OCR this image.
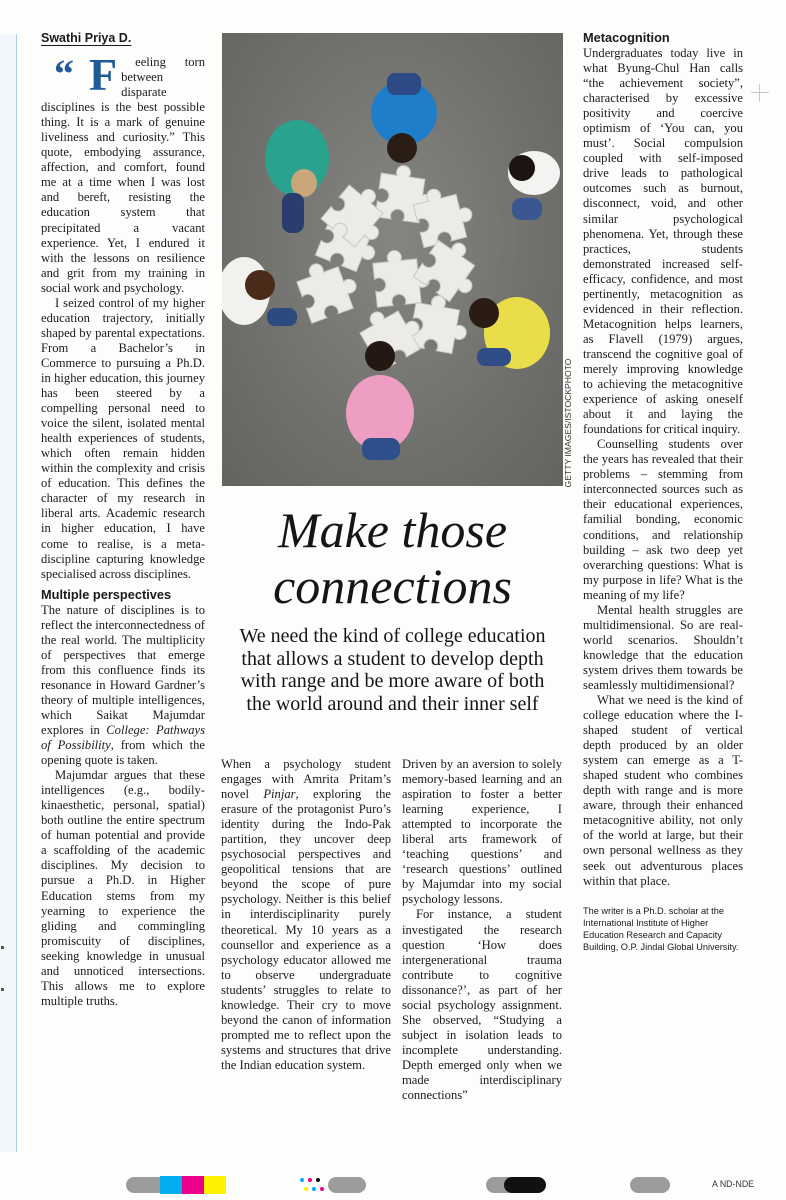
Swathi Priya D.

“ F eeling torn between disparate disciplines is the best possible thing. It is a mark of genuine liveliness and curiosity.” This quote, embodying assurance, affection, and comfort, found me at a time when I was lost and bereft, resisting the education system that precipitated a vacant experience. Yet, I endured it with the lessons on resilience and grit from my training in social work and psychology.

I seized control of my higher education trajectory, initially shaped by parental expectations. From a Bachelor’s in Commerce to pursuing a Ph.D. in higher education, this journey has been steered by a compelling personal need to voice the silent, isolated mental health experiences of students, which often remain hidden within the complexity and crisis of education. This defines the character of my research in liberal arts. Academic research in higher education, I have come to realise, is a meta-discipline capturing knowledge specialised across disciplines.

Multiple perspectives

The nature of disciplines is to reflect the interconnectedness of the real world. The multiplicity of perspectives that emerge from this confluence finds its resonance in Howard Gardner’s theory of multiple intelligences, which Saikat Majumdar explores in College: Pathways of Possibility, from which the opening quote is taken.

Majumdar argues that these intelligences (e.g., bodily-kinaesthetic, personal, spatial) both outline the entire spectrum of human potential and provide a scaffolding of the academic disciplines. My decision to pursue a Ph.D. in Higher Education stems from my yearning to experience the gliding and commingling promiscuity of disciplines, seeking knowledge in unusual and unnoticed intersections. This allows me to explore multiple truths.

GETTY IMAGES/ISTOCKPHOTO
Make those
connections
We need the kind of college education that allows a student to develop depth with range and be more aware of both the world around and their inner self

When a psychology student engages with Amrita Pritam’s novel Pinjar, exploring the erasure of the protagonist Puro’s identity during the Indo-Pak partition, they uncover deep psychosocial perspectives and geopolitical tensions that are beyond the scope of pure psychology. Neither is this belief in interdisciplinarity purely theoretical. My 10 years as a counsellor and experience as a psychology educator allowed me to observe undergraduate students’ struggles to relate to knowledge. Their cry to move beyond the canon of information prompted me to reflect upon the systems and structures that drive the Indian education system.

Driven by an aversion to solely memory-based learning and an aspiration to foster a better learning experience, I attempted to incorporate the liberal arts framework of ‘teaching questions’ and ‘research questions’ outlined by Majumdar into my social psychology lessons.

For instance, a student investigated the research question ‘How does intergenerational trauma contribute to cognitive dissonance?’, as part of her social psychology assignment. She observed, “Studying a subject in isolation leads to incomplete understanding. Depth emerged only when we made interdisciplinary connections”

Metacognition

Undergraduates today live in what Byung-Chul Han calls “the achievement society”, characterised by excessive positivity and coercive optimism of ‘You can, you must’. Social compulsion coupled with self-imposed drive leads to pathological outcomes such as burnout, disconnect, void, and other similar psychological phenomena. Yet, through these practices, students demonstrated increased self-efficacy, confidence, and most pertinently, metacognition as evidenced in their reflection. Metacognition helps learners, as Flavell (1979) argues, transcend the cognitive goal of merely improving knowledge to achieving the metacognitive experience of asking oneself about it and laying the foundations for critical inquiry.

Counselling students over the years has revealed that their problems – stemming from interconnected sources such as their educational experiences, familial bonding, economic conditions, and relationship building – ask two deep yet overarching questions: What is my purpose in life? What is the meaning of my life?

Mental health struggles are multidimensional. So are real-world scenarios. Shouldn’t knowledge that the education system drives them towards be seamlessly multidimensional?

What we need is the kind of college education where the I-shaped student of vertical depth produced by an older system can emerge as a T-shaped student who combines depth with range and is more aware, through their enhanced metacognitive ability, not only of the world at large, but their own personal wellness as they seek out adventurous places within that place.

The writer is a Ph.D. scholar at the International Institute of Higher Education Research and Capacity Building, O.P. Jindal Global University.

A ND-NDE
